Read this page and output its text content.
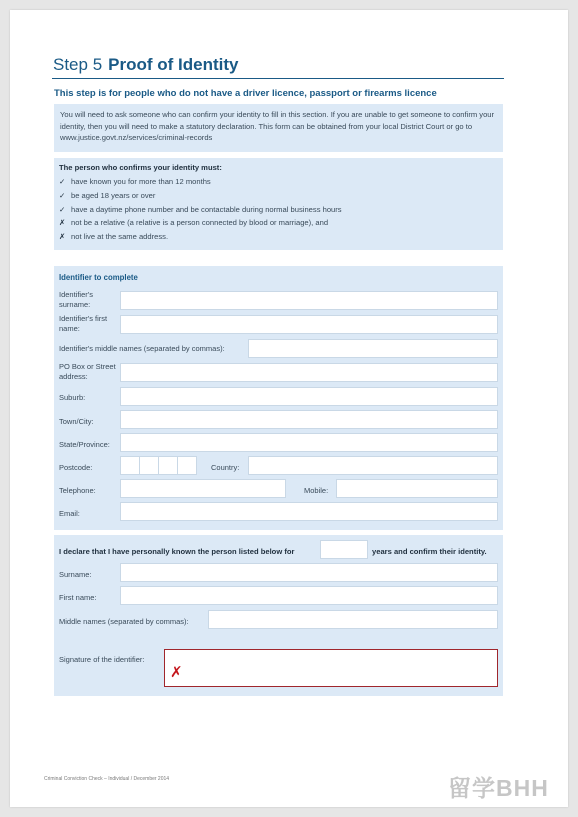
Step 5 Proof of Identity
This step is for people who do not have a driver licence, passport or firearms licence
You will need to ask someone who can confirm your identity to fill in this section. If you are unable to get someone to confirm your identity, then you will need to make a statutory declaration. This form can be obtained from your local District Court or go to www.justice.govt.nz/services/criminal-records
The person who confirms your identity must:
✓ have known you for more than 12 months
✓ be aged 18 years or over
✓ have a daytime phone number and be contactable during normal business hours
✗ not be a relative (a relative is a person connected by blood or marriage), and
✗ not live at the same address.
Identifier to complete
Identifier's surname:
Identifier's first name:
Identifier's middle names (separated by commas):
PO Box or Street address:
Suburb:
Town/City:
State/Province:
Postcode:	Country:
Telephone:	Mobile:
Email:
I declare that I have personally known the person listed below for	years and confirm their identity.
Surname:
First name:
Middle names (separated by commas):
Signature of the identifier:
✗
Criminal Conviction Check – Individual / December 2014	留学BHH
